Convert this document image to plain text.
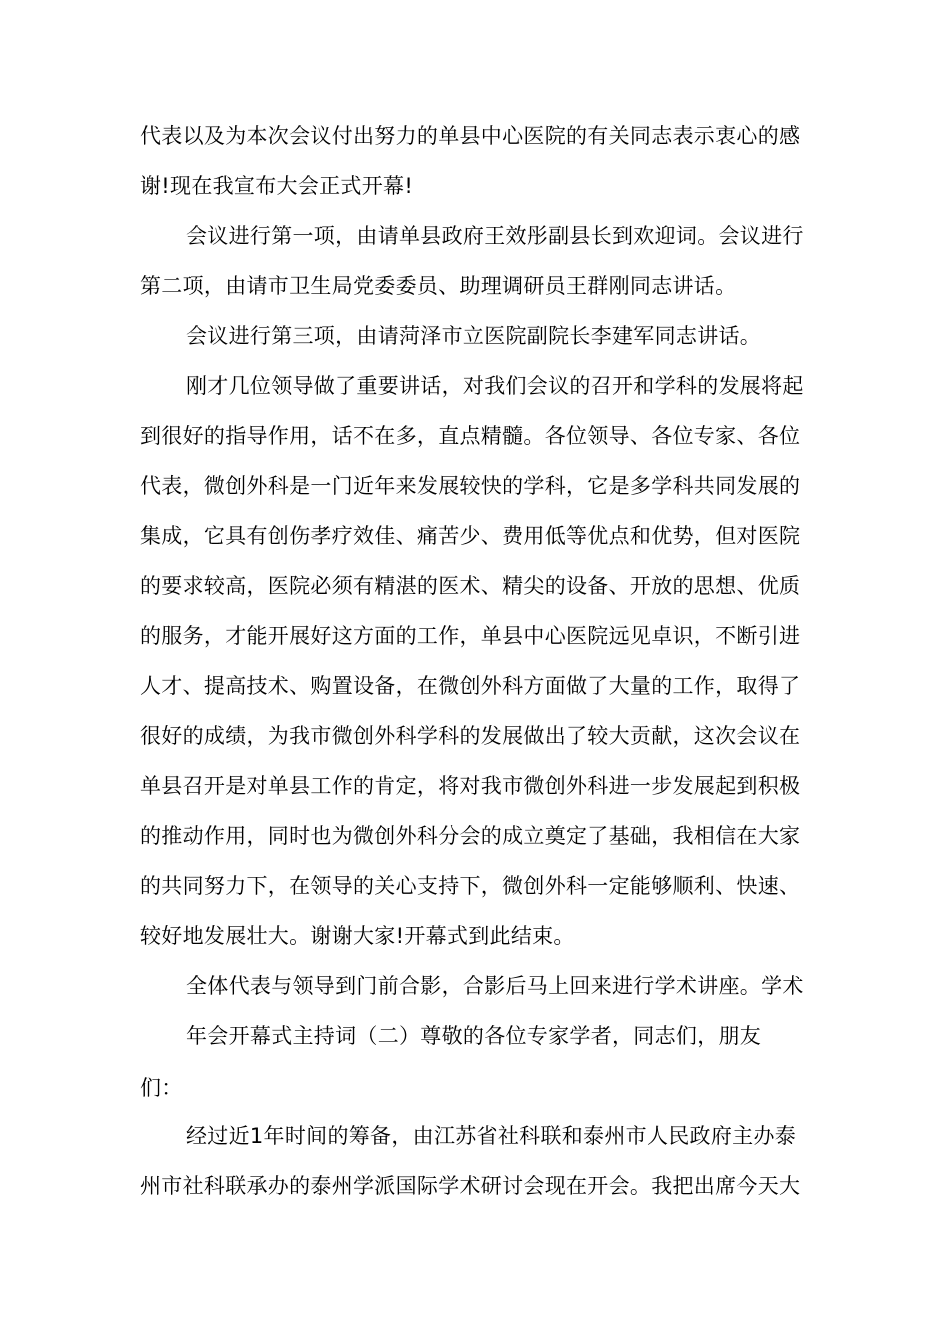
代表以及为本次会议付出努力的单县中心医院的有关同志表示衷心的感
谢!现在我宣布大会正式开幕!
会议进行第一项，由请单县政府王效彤副县长到欢迎词。会议进行
第二项，由请市卫生局党委委员、助理调研员王群刚同志讲话。
会议进行第三项，由请菏泽市立医院副院长李建军同志讲话。
刚才几位领导做了重要讲话，对我们会议的召开和学科的发展将起
到很好的指导作用，话不在多，直点精髓。各位领导、各位专家、各位
代表，微创外科是一门近年来发展较快的学科，它是多学科共同发展的
集成，它具有创伤孝疗效佳、痛苦少、费用低等优点和优势，但对医院
的要求较高，医院必须有精湛的医术、精尖的设备、开放的思想、优质
的服务，才能开展好这方面的工作，单县中心医院远见卓识，不断引进
人才、提高技术、购置设备，在微创外科方面做了大量的工作，取得了
很好的成绩，为我市微创外科学科的发展做出了较大贡献，这次会议在
单县召开是对单县工作的肯定，将对我市微创外科进一步发展起到积极
的推动作用，同时也为微创外科分会的成立奠定了基础，我相信在大家
的共同努力下，在领导的关心支持下，微创外科一定能够顺利、快速、
较好地发展壮大。谢谢大家!开幕式到此结束。
全体代表与领导到门前合影，合影后马上回来进行学术讲座。学术
年会开幕式主持词（二）尊敬的各位专家学者，同志们，朋友
们：
经过近1年时间的筹备，由江苏省社科联和泰州市人民政府主办泰
州市社科联承办的泰州学派国际学术研讨会现在开会。我把出席今天大
